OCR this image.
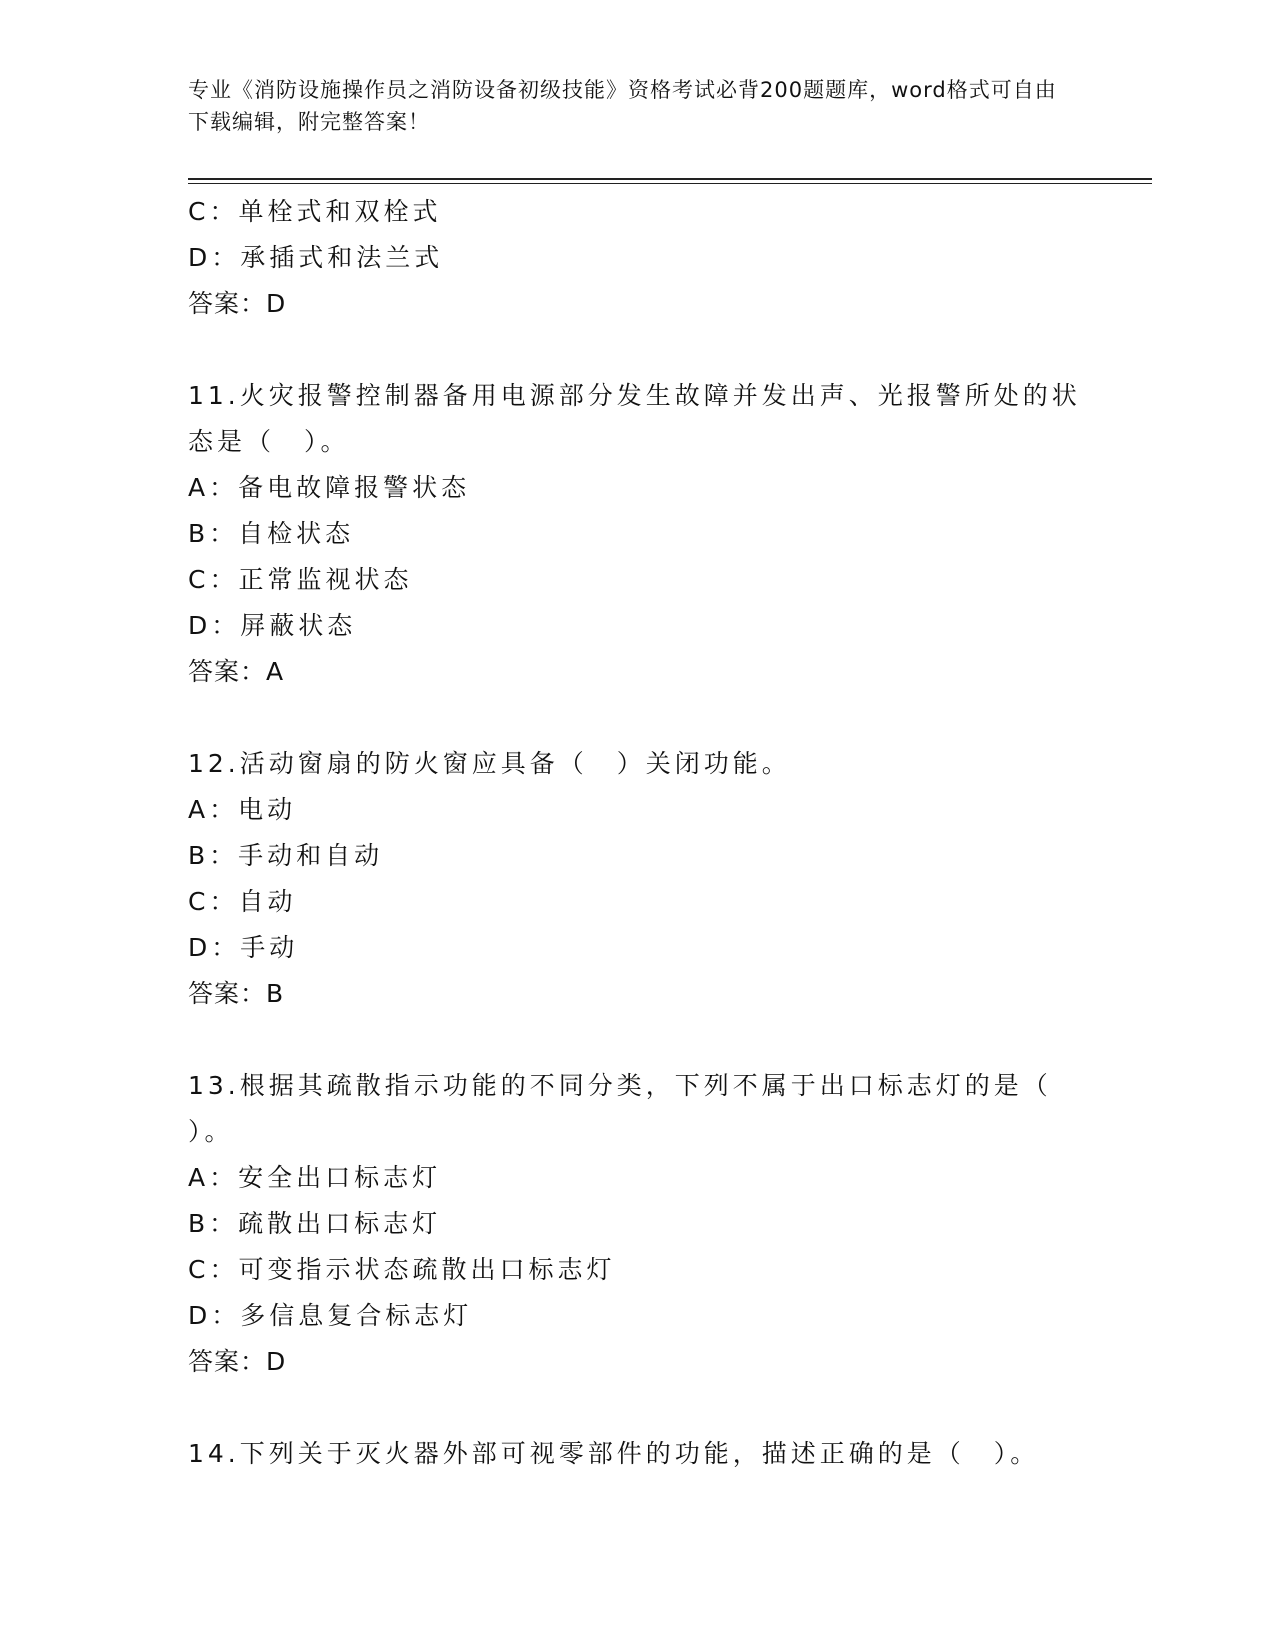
专业《消防设施操作员之消防设备初级技能》资格考试必背200题题库，word格式可自由下载编辑，附完整答案！
C：单栓式和双栓式
D：承插式和法兰式
答案：D
11.火灾报警控制器备用电源部分发生故障并发出声、光报警所处的状
态是（　）。
A：备电故障报警状态
B：自检状态
C：正常监视状态
D：屏蔽状态
答案：A
12.活动窗扇的防火窗应具备（　）关闭功能。
A：电动
B：手动和自动
C：自动
D：手动
答案：B
13.根据其疏散指示功能的不同分类，下列不属于出口标志灯的是（
）。
A：安全出口标志灯
B：疏散出口标志灯
C：可变指示状态疏散出口标志灯
D：多信息复合标志灯
答案：D
14.下列关于灭火器外部可视零部件的功能，描述正确的是（　）。
